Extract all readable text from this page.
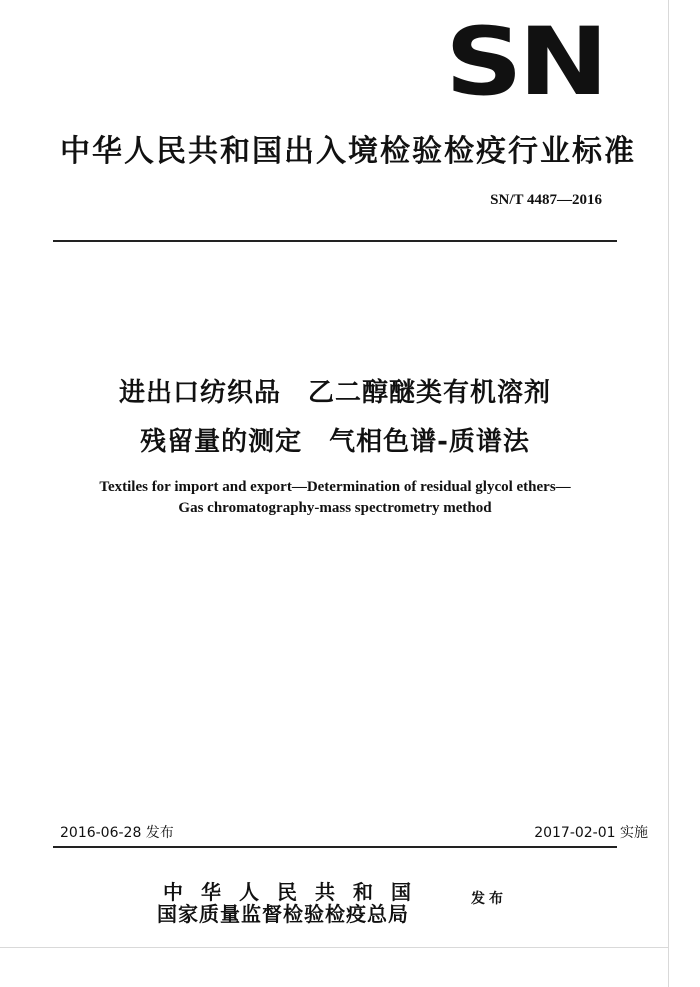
SN
中华人民共和国出入境检验检疫行业标准
SN/T 4487—2016
进出口纺织品　乙二醇醚类有机溶剂
残留量的测定　气相色谱-质谱法
Textiles for import and export—Determination of residual glycol ethers—
Gas chromatography-mass spectrometry method
2016-06-28 发布	2017-02-01 实施
中华人民共和国
国家质量监督检验检疫总局
发布
